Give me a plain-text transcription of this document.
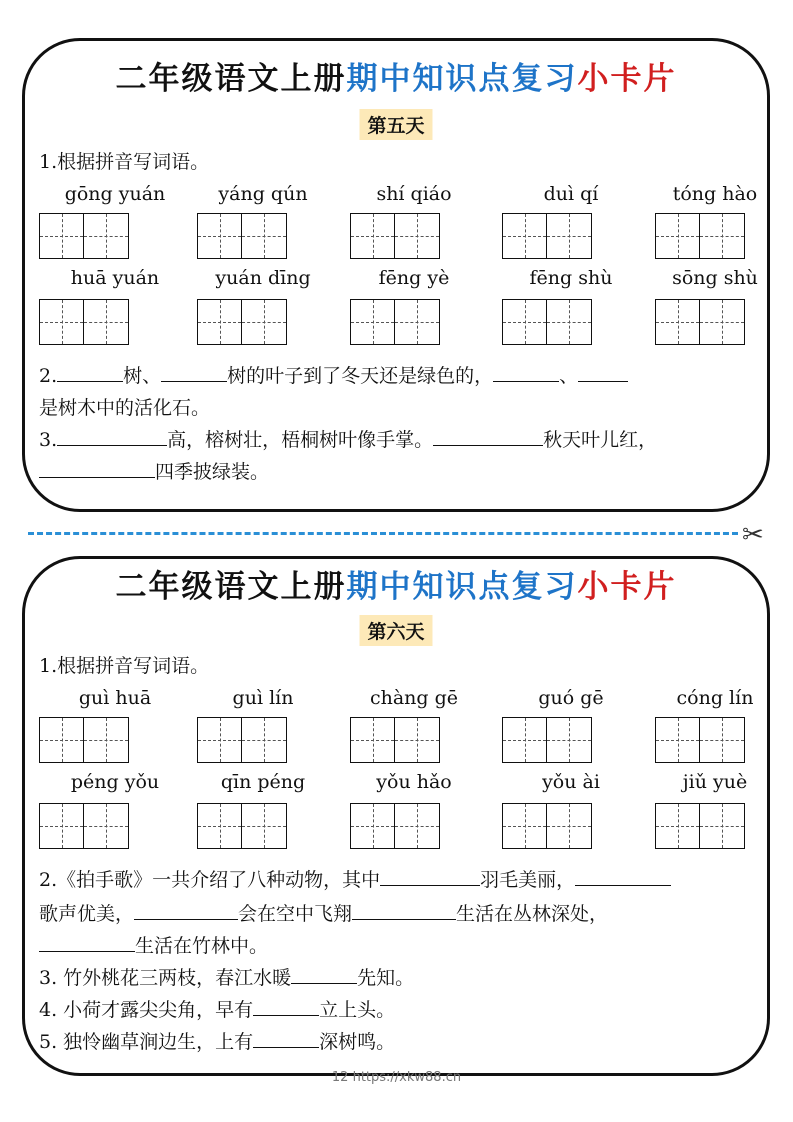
二年级语文上册期中知识点复习小卡片
第五天
1.根据拼音写词语。
gōng yuán	yáng qún	shí qiáo	duì qí	tóng hào
huā yuán	yuán dīng	fēng yè	fēng shù	sōng shù
2.	树、	树的叶子到了冬天还是绿色的，	、
是树木中的活化石。
3.	高，榕树壮，梧桐树叶像手掌。	秋天叶儿红，
四季披绿装。
✂
二年级语文上册期中知识点复习小卡片
第六天
1.根据拼音写词语。
guì huā	guì lín	chàng gē	guó gē	cóng lín
péng yǒu	qīn péng	yǒu hǎo	yǒu ài	jiǔ yuè
2.《拍手歌》一共介绍了八种动物，其中	羽毛美丽，
歌声优美，	会在空中飞翔	生活在丛林深处，
生活在竹林中。
3. 竹外桃花三两枝，春江水暖	先知。
4. 小荷才露尖尖角，早有	立上头。
5. 独怜幽草涧边生，上有	深树鸣。
12 https://xkw88.cn
